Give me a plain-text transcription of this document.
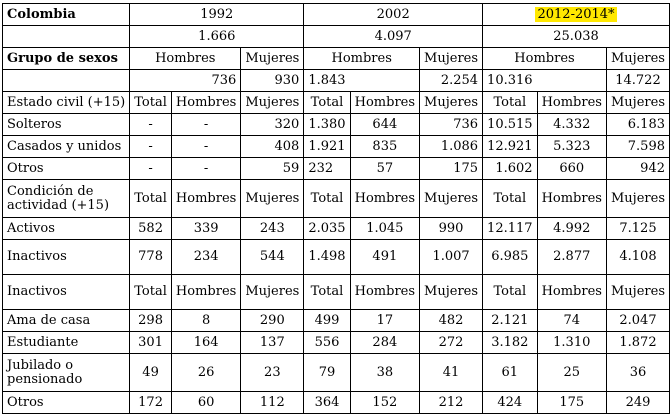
Colombia	1992			2002			2012-2014*		
	1.666			4.097			25.038		
Grupo de sexos	Hombres		Mujeres	Hombres		Mujeres	Hombres		Mujeres
	736		930	1.843		2.254	10.316		14.722
Estado civil (+15)	Total	Hombres	Mujeres	Total	Hombres	Mujeres	Total	Hombres	Mujeres
Solteros	-	-	320	1.380	644	736	10.515	4.332	6.183
Casados y unidos	-	-	408	1.921	835	1.086	12.921	5.323	7.598
Otros	-	-	59	232	57	175	1.602	660	942
Condición de actividad (+15)	Total	Hombres	Mujeres	Total	Hombres	Mujeres	Total	Hombres	Mujeres
Activos	582	339	243	2.035	1.045	990	12.117	4.992	7.125
Inactivos	778	234	544	1.498	491	1.007	6.985	2.877	4.108
Inactivos	Total	Hombres	Mujeres	Total	Hombres	Mujeres	Total	Hombres	Mujeres
Ama de casa	298	8	290	499	17	482	2.121	74	2.047
Estudiante	301	164	137	556	284	272	3.182	1.310	1.872
Jubilado o pensionado	49	26	23	79	38	41	61	25	36
Otros	172	60	112	364	152	212	424	175	249
